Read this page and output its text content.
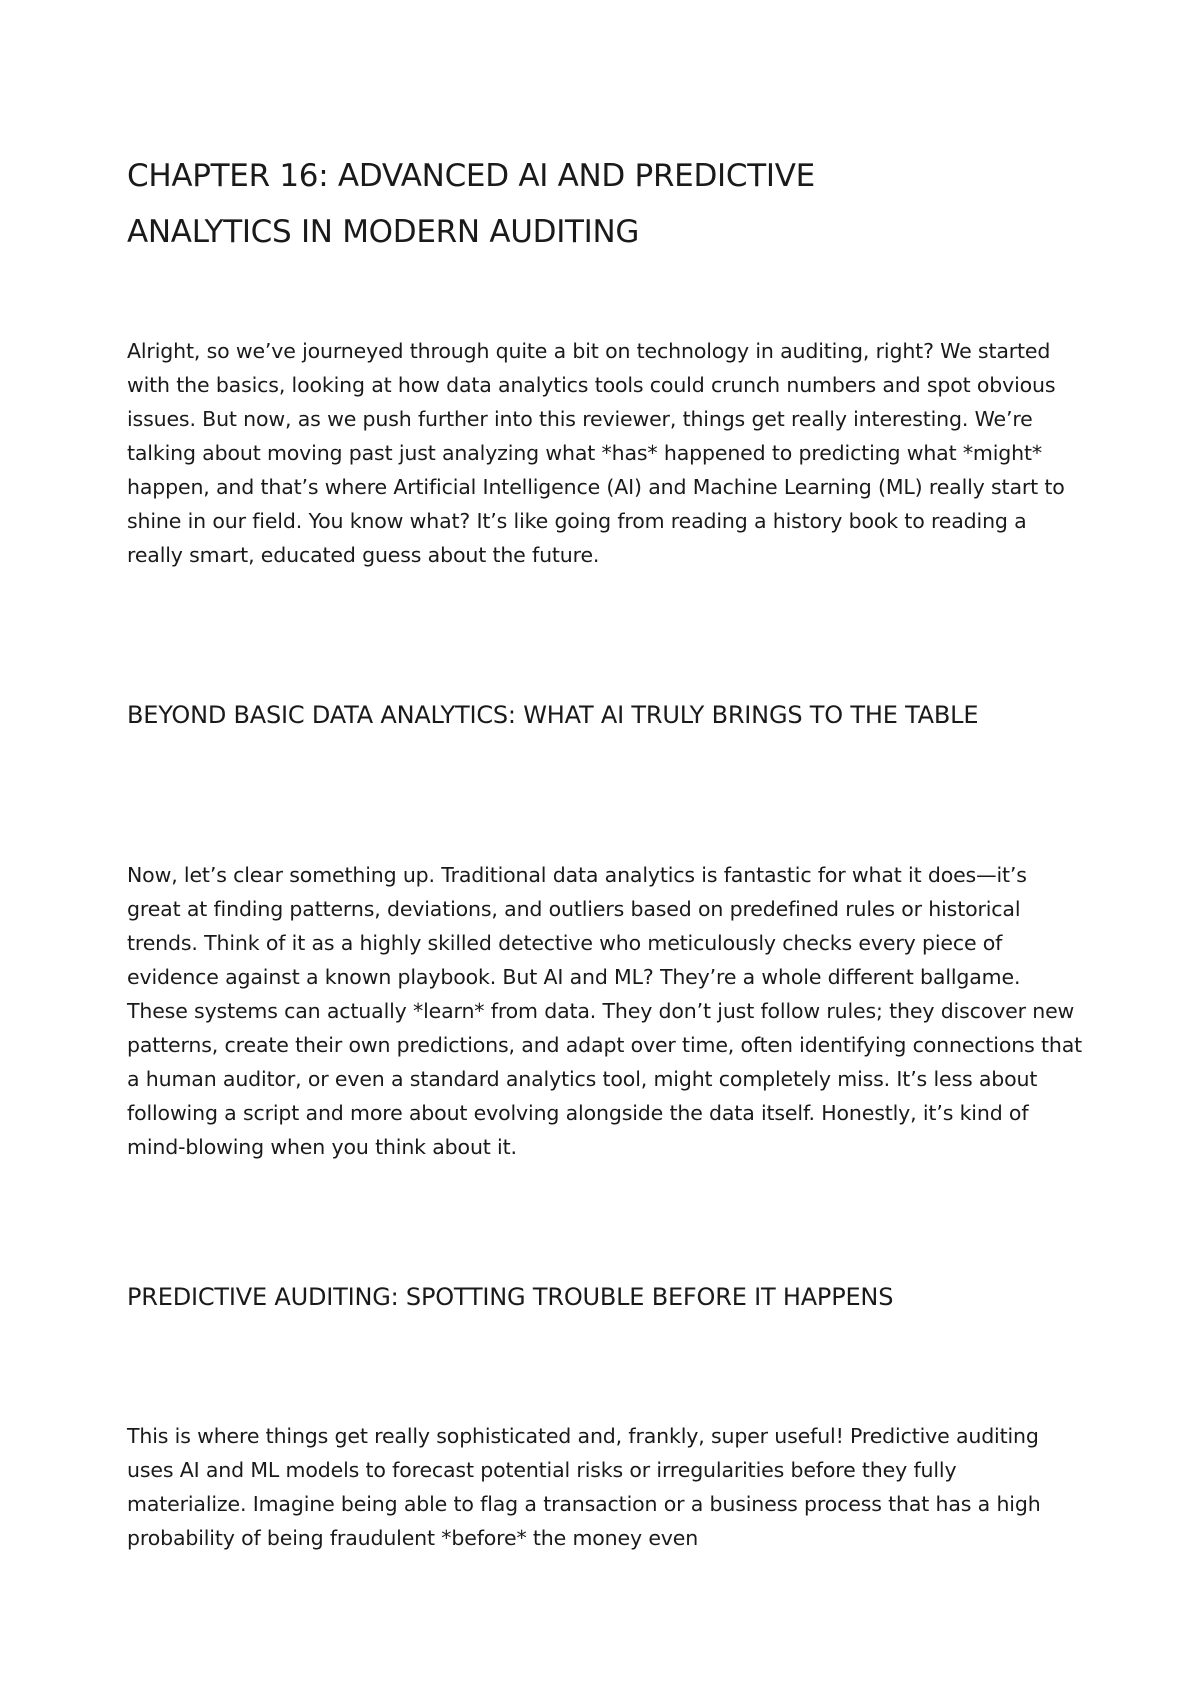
CHAPTER 16: ADVANCED AI AND PREDICTIVE ANALYTICS IN MODERN AUDITING

Alright, so we’ve journeyed through quite a bit on technology in auditing, right? We started with the basics, looking at how data analytics tools could crunch numbers and spot obvious issues. But now, as we push further into this reviewer, things get really interesting. We’re talking about moving past just analyzing what *has* happened to predicting what *might* happen, and that’s where Artificial Intelligence (AI) and Machine Learning (ML) really start to shine in our field. You know what? It’s like going from reading a history book to reading a really smart, educated guess about the future.

BEYOND BASIC DATA ANALYTICS: WHAT AI TRULY BRINGS TO THE TABLE

Now, let’s clear something up. Traditional data analytics is fantastic for what it does—it’s great at finding patterns, deviations, and outliers based on predefined rules or historical trends. Think of it as a highly skilled detective who meticulously checks every piece of evidence against a known playbook. But AI and ML? They’re a whole different ballgame. These systems can actually *learn* from data. They don’t just follow rules; they discover new patterns, create their own predictions, and adapt over time, often identifying connections that a human auditor, or even a standard analytics tool, might completely miss. It’s less about following a script and more about evolving alongside the data itself. Honestly, it’s kind of mind-blowing when you think about it.

PREDICTIVE AUDITING: SPOTTING TROUBLE BEFORE IT HAPPENS

This is where things get really sophisticated and, frankly, super useful! Predictive auditing uses AI and ML models to forecast potential risks or irregularities before they fully materialize. Imagine being able to flag a transaction or a business process that has a high probability of being fraudulent *before* the money even
